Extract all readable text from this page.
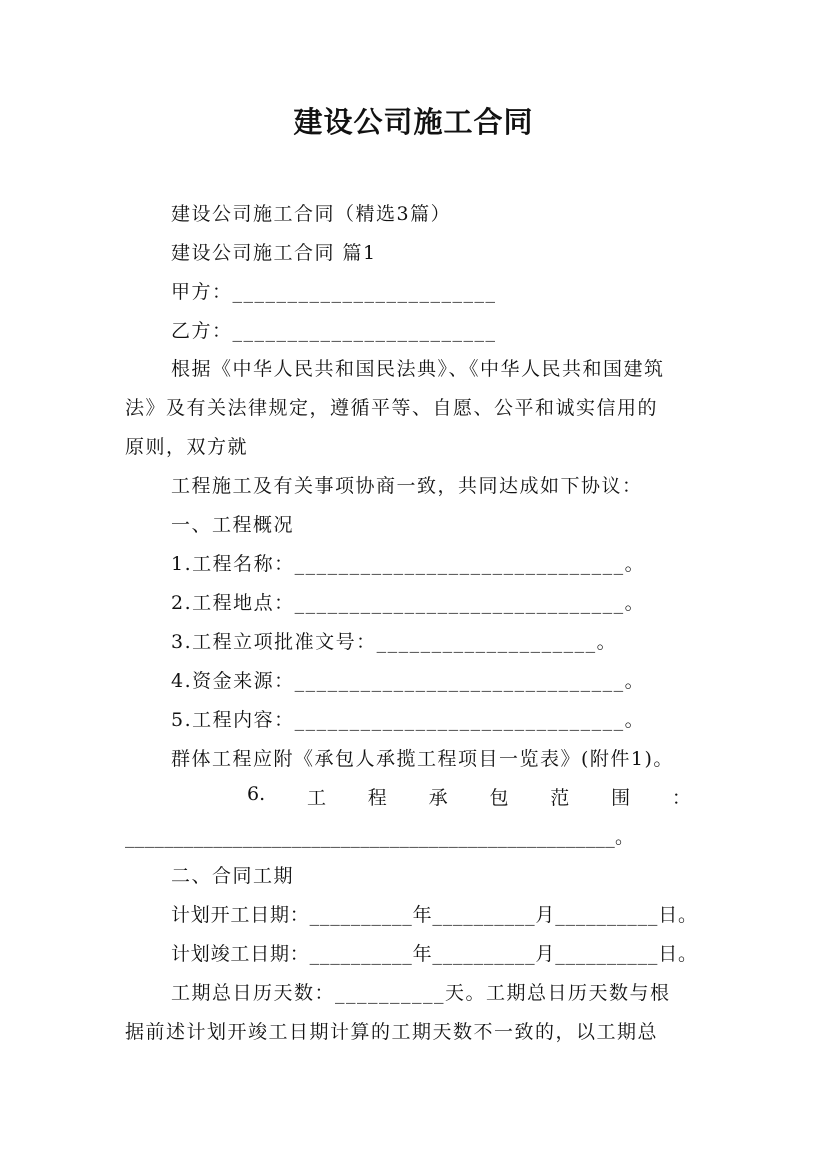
建设公司施工合同
建设公司施工合同（精选3篇）
建设公司施工合同 篇1
甲方：________________________
乙方：________________________
根据《中华人民共和国民法典》、《中华人民共和国建筑
法》及有关法律规定，遵循平等、自愿、公平和诚实信用的
原则，双方就
工程施工及有关事项协商一致，共同达成如下协议：
一、工程概况
1.工程名称：______________________________。
2.工程地点：______________________________。
3.工程立项批准文号：____________________。
4.资金来源：______________________________。
5.工程内容：______________________________。
群体工程应附《承包人承揽工程项目一览表》(附件1)。
6. 工 程 承 包 范 围 ：
__________________________________________________。
二、合同工期
计划开工日期：__________年__________月__________日。
计划竣工日期：__________年__________月__________日。
工期总日历天数：__________天。工期总日历天数与根
据前述计划开竣工日期计算的工期天数不一致的，以工期总
